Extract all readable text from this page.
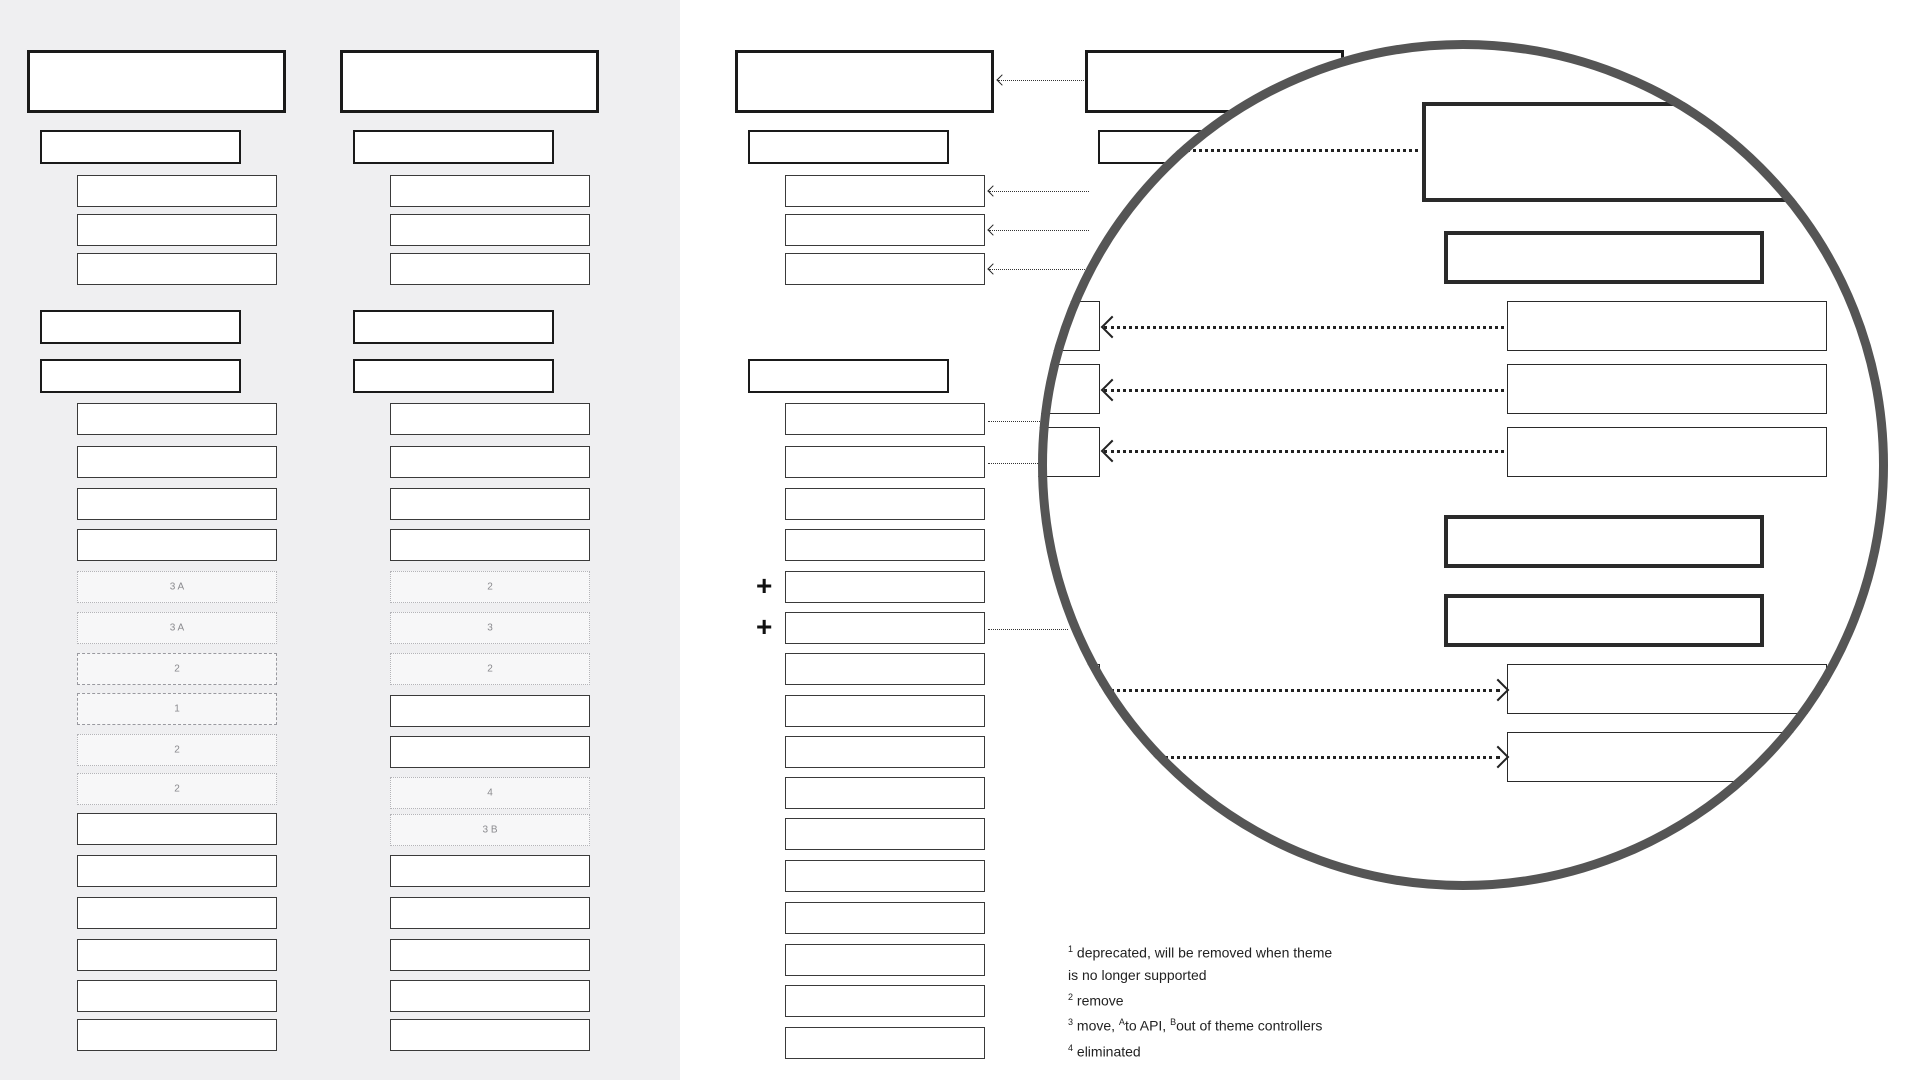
3 A
3 A
2
1
2
2
2
3
2
4
3 B
+
+
$^1$ deprecated, will be removed when theme
is no longer supported
$^2$ remove
$^3$ move, $^A$to API, $^B$out of theme controllers
$^4$ eliminated
